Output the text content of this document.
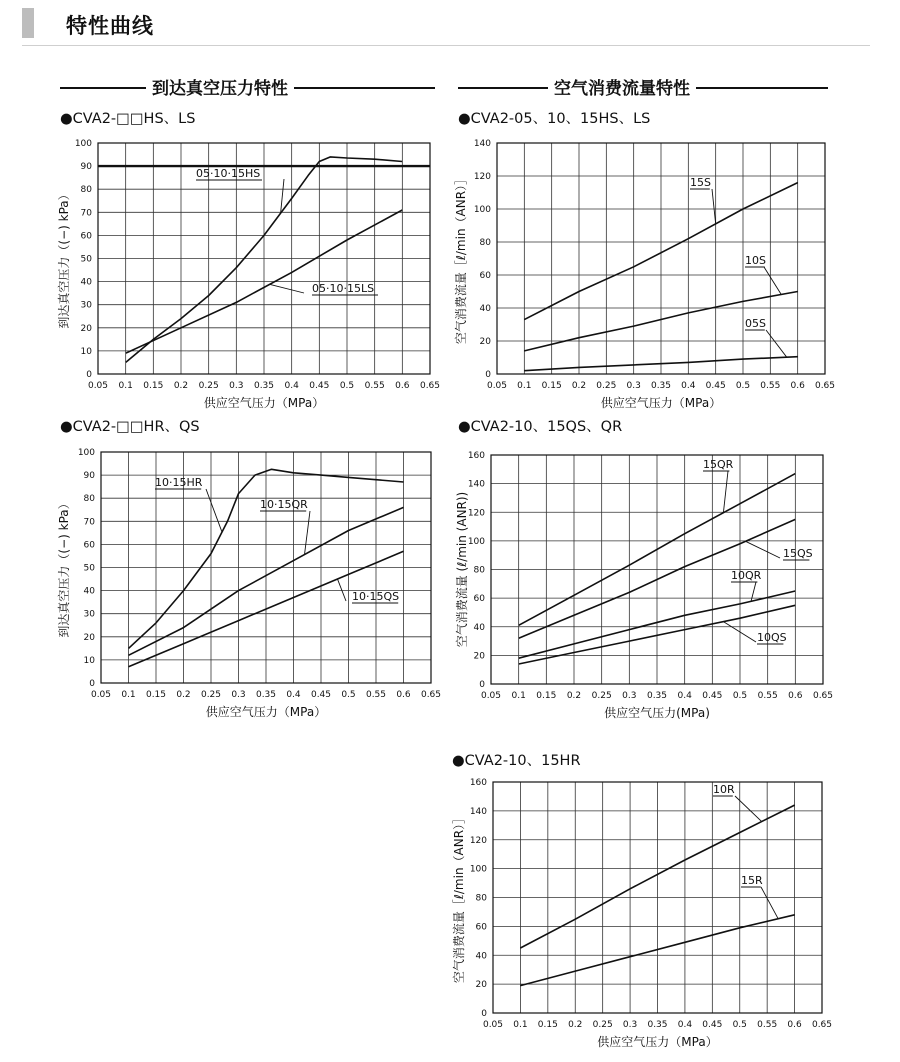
特性曲线
到达真空压力特性	空气消费流量特性
●CVA2-□□HS、LS	●CVA2-05、10、15HS、LS
●CVA2-□□HR、QS	●CVA2-10、15QS、QR
●CVA2-10、15HR
0.05 0.1 0.15 0.2 0.25 0.3 0.35 0.4 0.45 0.5 0.55 0.6 0.65
0
10
20
30
40
50
60
70
80
90
100
供应空气压力（MPa）
到达真空压力（(−) kPa）
05·10·15HS
05·10·15LS
0.05 0.1 0.15 0.2 0.25 0.3 0.35 0.4 0.45 0.5 0.55 0.6 0.65
0
20
40
60
80
100
120
140
供应空气压力（MPa）
空气消费流量［ℓ/min（ANR）］	15S
10S
05S
0.05 0.1 0.15 0.2 0.25 0.3 0.35 0.4 0.45 0.5 0.55 0.6 0.65
0
10
20
30
40
50
60
70
80
90
100
供应空气压力（MPa）
到达真空压力（(−) kPa）
10·15HR
10·15QR
10·15QS
0.05 0.1 0.15 0.2 0.25 0.3 0.35 0.4 0.45 0.5 0.55 0.6 0.65
0
20
40
60
80
100
120
140
160
供应空气压力(MPa)
空气消费流量 (ℓ/min (ANR))
15QR
15QS
10QR
10QS
0.05 0.1 0.15 0.2 0.25 0.3 0.35 0.4 0.45 0.5 0.55 0.6 0.65
0
20
40
60
80
100
120
140
160
供应空气压力（MPa）
空气消费流量［ℓ/min（ANR）］
10R
15R
